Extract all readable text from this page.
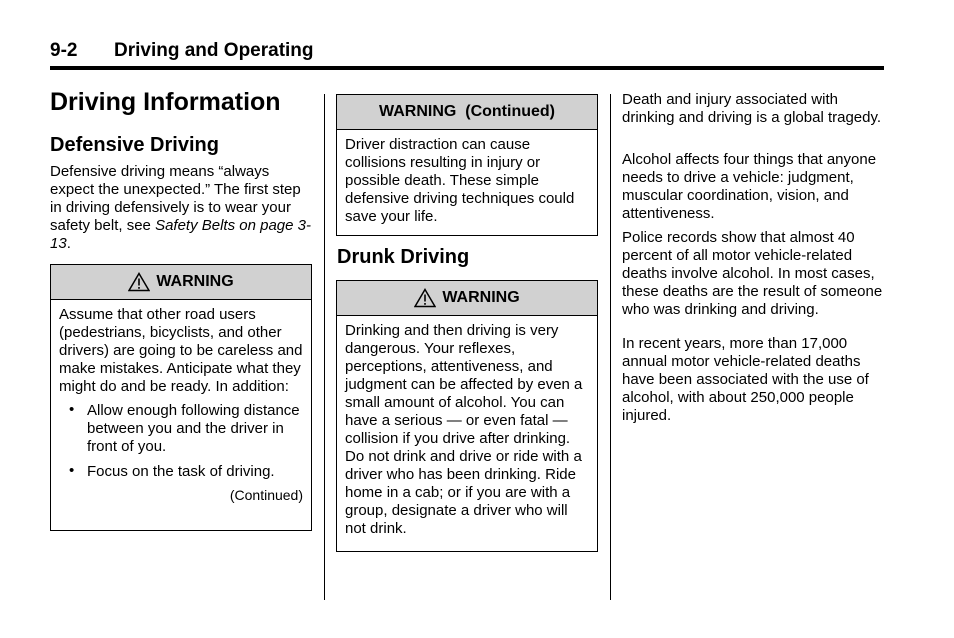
9-2 Driving and Operating
Driving Information
Defensive Driving

Defensive driving means “always expect the unexpected.” The first step in driving defensively is to wear your safety belt, see Safety Belts on page 3-13.

WARNING

Assume that other road users (pedestrians, bicyclists, and other drivers) are going to be careless and make mistakes. Anticipate what they might do and be ready. In addition:

• Allow enough following distance between you and the driver in front of you.
• Focus on the task of driving.
(Continued)
WARNING  (Continued)

Driver distraction can cause collisions resulting in injury or possible death. These simple defensive driving techniques could save your life.

Drunk Driving
WARNING

Drinking and then driving is very dangerous. Your reflexes, perceptions, attentiveness, and judgment can be affected by even a small amount of alcohol. You can have a serious — or even fatal — collision if you drive after drinking. Do not drink and drive or ride with a driver who has been drinking. Ride home in a cab; or if you are with a group, designate a driver who will not drink.

Death and injury associated with drinking and driving is a global tragedy.

Alcohol affects four things that anyone needs to drive a vehicle: judgment, muscular coordination, vision, and attentiveness.

Police records show that almost 40 percent of all motor vehicle-related deaths involve alcohol. In most cases, these deaths are the result of someone who was drinking and driving.

In recent years, more than 17,000 annual motor vehicle-related deaths have been associated with the use of alcohol, with about 250,000 people injured.
